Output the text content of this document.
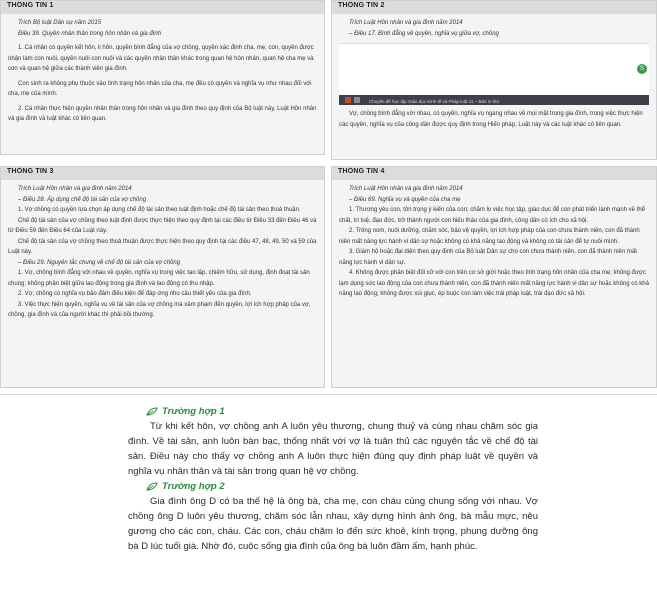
THÔNG TIN 1
Trích Bộ luật Dân sự năm 2015
Điều 39. Quyền nhân thân trong hôn nhân và gia đình
1. Cá nhân có quyền kết hôn, li hôn, quyền bình đẳng của vợ chồng, quyền xác định cha, mẹ, con, quyền được nhận làm con nuôi, quyền nuôi con nuôi và các quyền nhân thân khác trong quan hệ hôn nhân, quan hệ cha mẹ và con và quan hệ giữa các thành viên gia đình.
Con sinh ra không phụ thuộc vào tình trạng hôn nhân của cha, mẹ đều có quyền và nghĩa vụ như nhau đối với cha, mẹ của mình.
2. Cá nhân thực hiện quyền nhân thân trong hôn nhân và gia đình theo quy định của Bộ luật này, Luật Hôn nhân và gia đình và luật khác có liên quan.
THÔNG TIN 2
Trích Luật Hôn nhân và gia đình năm 2014
– Điều 17. Bình đẳng về quyền, nghĩa vụ giữa vợ, chồng
S
Chuyên đề học tập Giáo dục Kinh tế và Pháp luật 11 – Bản in thử
Vợ, chồng bình đẳng với nhau, có quyền, nghĩa vụ ngang nhau về mọi mặt trong gia đình, trong việc thực hiện các quyền, nghĩa vụ của công dân được quy định trong Hiến pháp, Luật này và các luật khác có liên quan.
THÔNG TIN 3
Trích Luật Hôn nhân và gia đình năm 2014
– Điều 28. Áp dụng chế độ tài sản của vợ chồng
1. Vợ chồng có quyền lựa chọn áp dụng chế độ tài sản theo luật định hoặc chế độ tài sản theo thoả thuận.
Chế độ tài sản của vợ chồng theo luật định được thực hiện theo quy định tại các điều từ Điều 33 đến Điều 46 và từ Điều 59 đến Điều 64 của Luật này.
Chế độ tài sản của vợ chồng theo thoả thuận được thực hiện theo quy định tại các điều 47, 48, 49, 50 và 59 của Luật này.
– Điều 29. Nguyên tắc chung về chế độ tài sản của vợ chồng
1. Vợ, chồng bình đẳng với nhau về quyền, nghĩa vụ trong việc tạo lập, chiếm hữu, sử dụng, định đoạt tài sản chung; không phân biệt giữa lao động trong gia đình và lao động có thu nhập.
2. Vợ, chồng có nghĩa vụ bảo đảm điều kiện để đáp ứng nhu cầu thiết yếu của gia đình.
3. Việc thực hiện quyền, nghĩa vụ về tài sản của vợ chồng mà xâm phạm đến quyền, lợi ích hợp pháp của vợ, chồng, gia đình và của người khác thì phải bồi thường.
THÔNG TIN 4
Trích Luật Hôn nhân và gia đình năm 2014
– Điều 69. Nghĩa vụ và quyền của cha mẹ
1. Thương yêu con, tôn trọng ý kiến của con; chăm lo việc học tập, giáo dục để con phát triển lành mạnh về thể chất, trí tuệ, đạo đức, trở thành người con hiếu thảo của gia đình, công dân có ích cho xã hội.
2. Trông nom, nuôi dưỡng, chăm sóc, bảo vệ quyền, lợi ích hợp pháp của con chưa thành niên, con đã thành niên mất năng lực hành vi dân sự hoặc không có khả năng lao động và không có tài sản để tự nuôi mình.
3. Giám hộ hoặc đại diện theo quy định của Bộ luật Dân sự cho con chưa thành niên, con đã thành niên mất năng lực hành vi dân sự.
4. Không được phân biệt đối xử với con trên cơ sở giới hoặc theo tình trạng hôn nhân của cha mẹ; không được lạm dụng sức lao động của con chưa thành niên, con đã thành niên mất năng lực hành vi dân sự hoặc không có khả năng lao động; không được xúi giục, ép buộc con làm việc trái pháp luật, trái đạo đức xã hội.
Trường hợp 1
Từ khi kết hôn, vợ chồng anh A luôn yêu thương, chung thuỷ và cùng nhau chăm sóc gia đình. Về tài sản, anh luôn bàn bạc, thống nhất với vợ là tuân thủ các nguyên tắc về chế độ tài sản. Điều này cho thấy vợ chồng anh A luôn thực hiện đúng quy định pháp luật về quyền và nghĩa vụ nhân thân và tài sản trong quan hệ vợ chồng.
Trường hợp 2
Gia đình ông D có ba thế hệ là ông bà, cha mẹ, con cháu cùng chung sống với nhau. Vợ chồng ông D luôn yêu thương, chăm sóc lẫn nhau, xây dựng hình ảnh ông, bà mẫu mực, nêu gương cho các con, cháu. Các con, cháu chăm lo đến sức khoẻ, kính trọng, phụng dưỡng ông bà D lúc tuổi già. Nhờ đó, cuộc sống gia đình của ông bà luôn đầm ấm, hạnh phúc.
